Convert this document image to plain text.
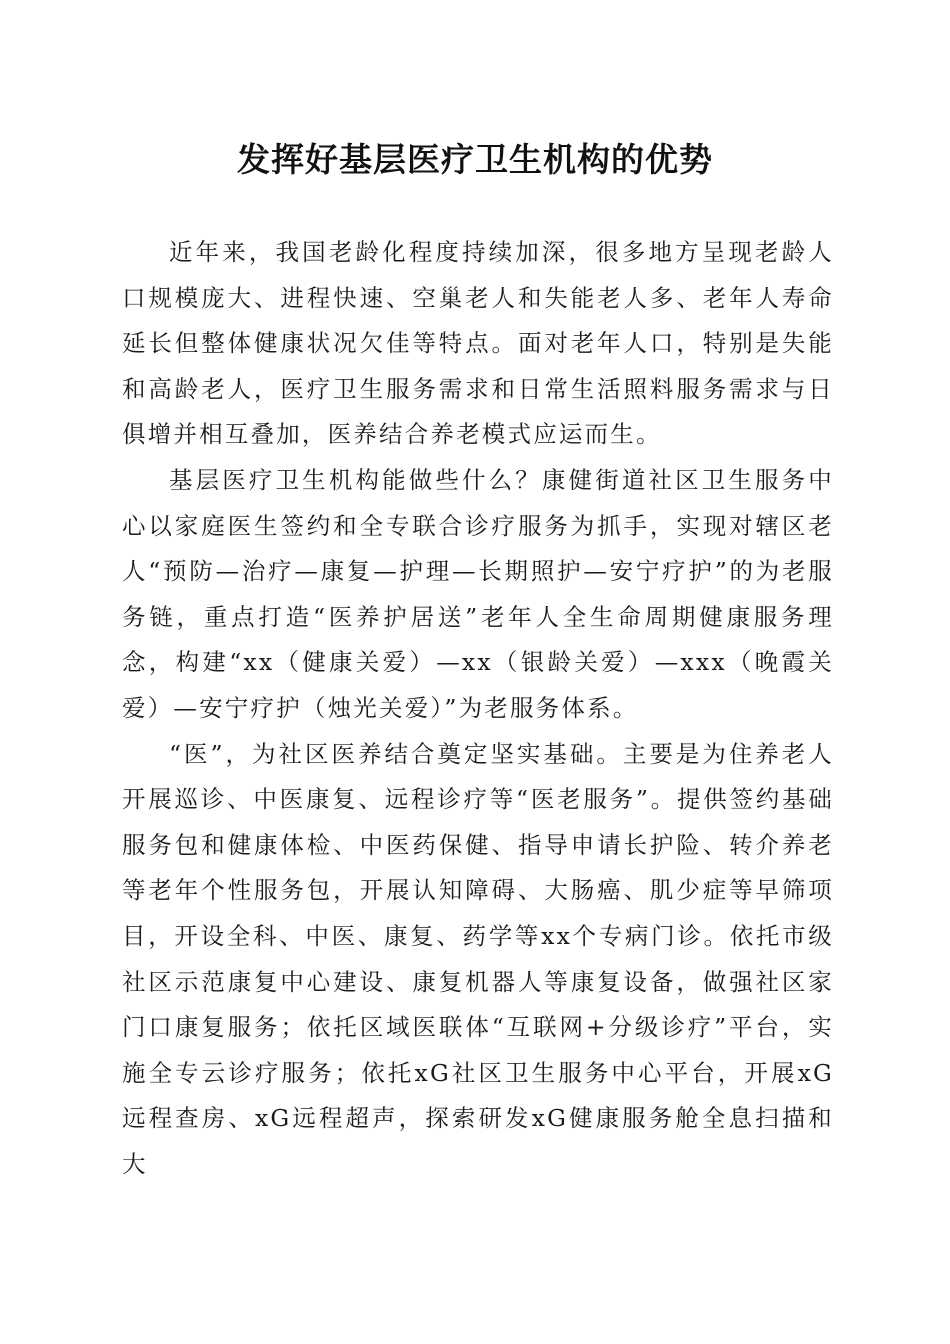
发挥好基层医疗卫生机构的优势

近年来，我国老龄化程度持续加深，很多地方呈现老龄人口规模庞大、进程快速、空巢老人和失能老人多、老年人寿命延长但整体健康状况欠佳等特点。面对老年人口，特别是失能和高龄老人，医疗卫生服务需求和日常生活照料服务需求与日俱增并相互叠加，医养结合养老模式应运而生。

基层医疗卫生机构能做些什么？康健街道社区卫生服务中心以家庭医生签约和全专联合诊疗服务为抓手，实现对辖区老人“预防—治疗—康复—护理—长期照护—安宁疗护”的为老服务链，重点打造“医养护居送”老年人全生命周期健康服务理念，构建“xx（健康关爱）—xx（银龄关爱）—xxx（晚霞关爱）—安宁疗护（烛光关爱）”为老服务体系。

“医”，为社区医养结合奠定坚实基础。主要是为住养老人开展巡诊、中医康复、远程诊疗等“医老服务”。提供签约基础服务包和健康体检、中医药保健、指导申请长护险、转介养老等老年个性服务包，开展认知障碍、大肠癌、肌少症等早筛项目，开设全科、中医、康复、药学等xx个专病门诊。依托市级社区示范康复中心建设、康复机器人等康复设备，做强社区家门口康复服务；依托区域医联体“互联网+分级诊疗”平台，实施全专云诊疗服务；依托xG社区卫生服务中心平台，开展xG远程查房、xG远程超声，探索研发xG健康服务舱全息扫描和大
